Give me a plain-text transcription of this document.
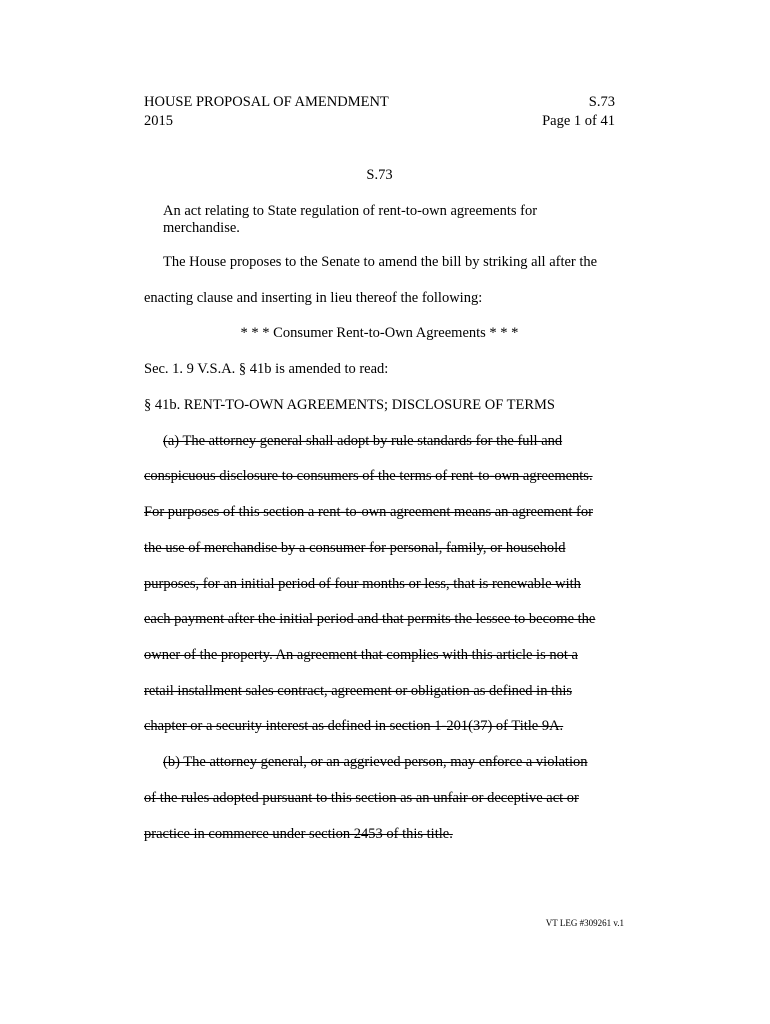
HOUSE PROPOSAL OF AMENDMENT
2015
S.73
Page 1 of 41
S.73
An act relating to State regulation of rent-to-own agreements for
merchandise.
The House proposes to the Senate to amend the bill by striking all after the
enacting clause and inserting in lieu thereof the following:
* * * Consumer Rent-to-Own Agreements * * *
Sec. 1. 9 V.S.A. § 41b is amended to read:
§ 41b. RENT-TO-OWN AGREEMENTS; DISCLOSURE OF TERMS
(a) The attorney general shall adopt by rule standards for the full and
conspicuous disclosure to consumers of the terms of rent-to-own agreements.
For purposes of this section a rent-to-own agreement means an agreement for
the use of merchandise by a consumer for personal, family, or household
purposes, for an initial period of four months or less, that is renewable with
each payment after the initial period and that permits the lessee to become the
owner of the property. An agreement that complies with this article is not a
retail installment sales contract, agreement or obligation as defined in this
chapter or a security interest as defined in section 1-201(37) of Title 9A.
(b) The attorney general, or an aggrieved person, may enforce a violation
of the rules adopted pursuant to this section as an unfair or deceptive act or
practice in commerce under section 2453 of this title.
VT LEG #309261 v.1
